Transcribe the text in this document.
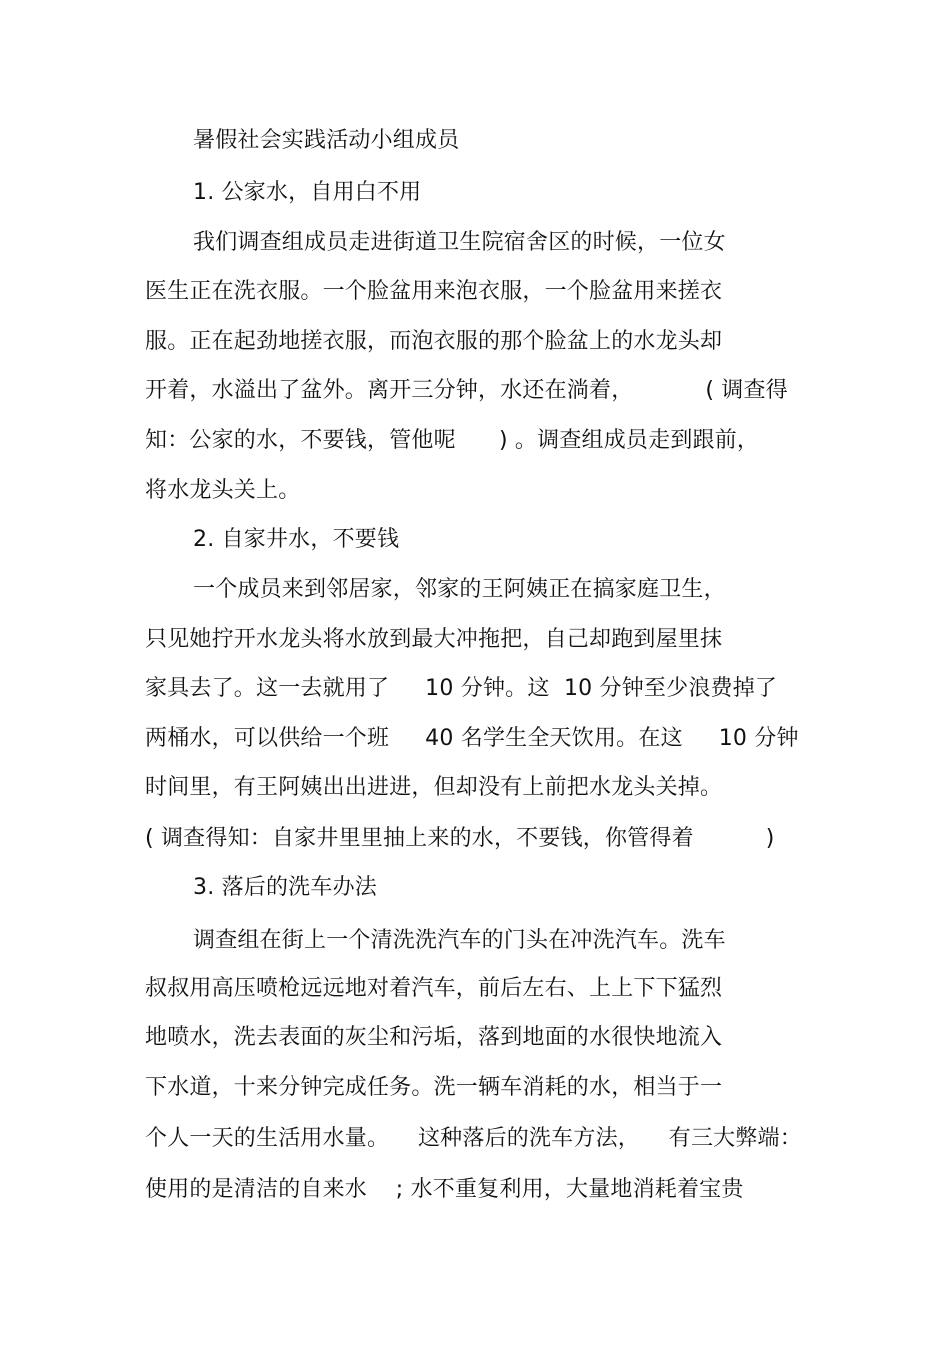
暑假社会实践活动小组成员
1. 公家水，自用白不用
我们调查组成员走进街道卫生院宿舍区的时候，一位女
医生正在洗衣服。一个脸盆用来泡衣服，一个脸盆用来搓衣
服。正在起劲地搓衣服，而泡衣服的那个脸盆上的水龙头却
开着，水溢出了盆外。离开三分钟，水还在淌着，          ( 调查得
知：公家的水，不要钱，管他呢      ) 。调查组成员走到跟前，
将水龙头关上。
2. 自家井水，不要钱
一个成员来到邻居家，邻家的王阿姨正在搞家庭卫生，
只见她拧开水龙头将水放到最大冲拖把，自己却跑到屋里抹
家具去了。这一去就用了     10 分钟。这  10 分钟至少浪费掉了
两桶水，可以供给一个班     40 名学生全天饮用。在这     10 分钟
时间里，有王阿姨出出进进，但却没有上前把水龙头关掉。
( 调查得知：自家井里里抽上来的水，不要钱，你管得着          )
3. 落后的洗车办法
调查组在街上一个清洗洗汽车的门头在冲洗汽车。洗车
叔叔用高压喷枪远远地对着汽车，前后左右、上上下下猛烈
地喷水，洗去表面的灰尘和污垢，落到地面的水很快地流入
下水道，十来分钟完成任务。洗一辆车消耗的水，相当于一
个人一天的生活用水量。    这种落后的洗车方法，    有三大弊端：
使用的是清洁的自来水    ; 水不重复利用，大量地消耗着宝贵
